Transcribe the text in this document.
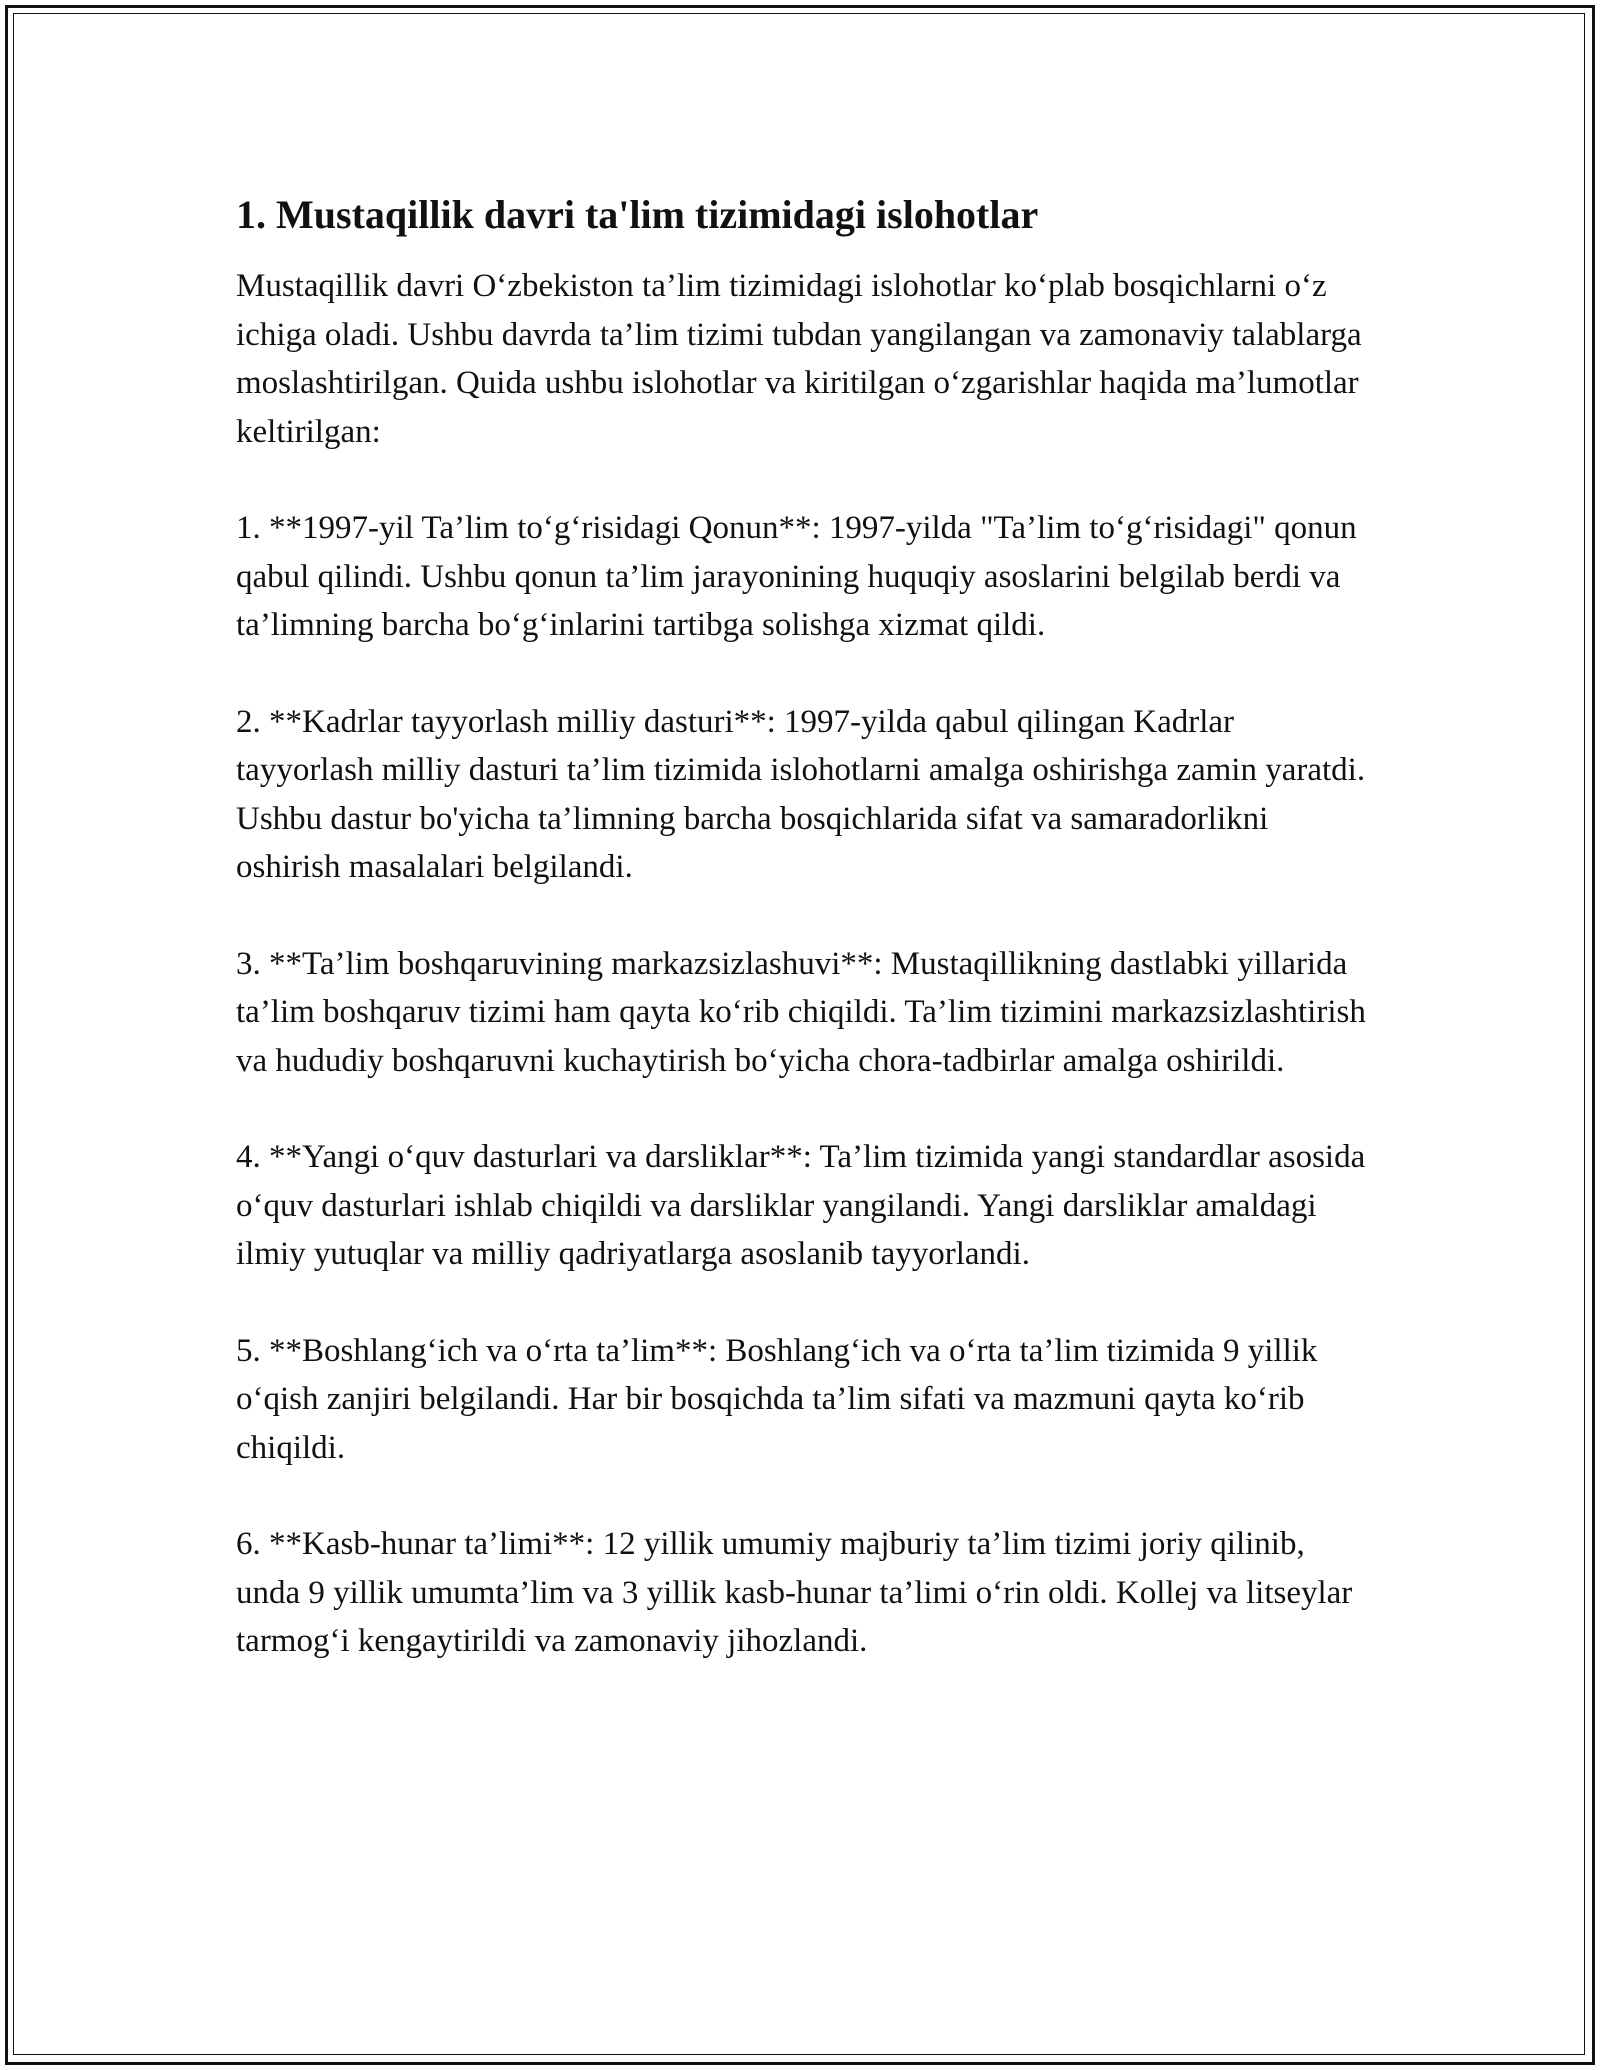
1. Mustaqillik davri ta'lim tizimidagi islohotlar

Mustaqillik davri O‘zbekiston ta’lim tizimidagi islohotlar ko‘plab bosqichlarni o‘z ichiga oladi. Ushbu davrda ta’lim tizimi tubdan yangilangan va zamonaviy talablarga moslashtirilgan. Quida ushbu islohotlar va kiritilgan o‘zgarishlar haqida ma’lumotlar keltirilgan:

1. **1997-yil Ta’lim to‘g‘risidagi Qonun**: 1997-yilda "Ta’lim to‘g‘risidagi" qonun qabul qilindi. Ushbu qonun ta’lim jarayonining huquqiy asoslarini belgilab berdi va ta’limning barcha bo‘g‘inlarini tartibga solishga xizmat qildi.

2. **Kadrlar tayyorlash milliy dasturi**: 1997-yilda qabul qilingan Kadrlar tayyorlash milliy dasturi ta’lim tizimida islohotlarni amalga oshirishga zamin yaratdi. Ushbu dastur bo'yicha ta’limning barcha bosqichlarida sifat va samaradorlikni oshirish masalalari belgilandi.

3. **Ta’lim boshqaruvining markazsizlashuvi**: Mustaqillikning dastlabki yillarida ta’lim boshqaruv tizimi ham qayta ko‘rib chiqildi. Ta’lim tizimini markazsizlashtirish va hududiy boshqaruvni kuchaytirish bo‘yicha chora-tadbirlar amalga oshirildi.

4. **Yangi o‘quv dasturlari va darsliklar**: Ta’lim tizimida yangi standardlar asosida o‘quv dasturlari ishlab chiqildi va darsliklar yangilandi. Yangi darsliklar amaldagi ilmiy yutuqlar va milliy qadriyatlarga asoslanib tayyorlandi.

5. **Boshlang‘ich va o‘rta ta’lim**: Boshlang‘ich va o‘rta ta’lim tizimida 9 yillik o‘qish zanjiri belgilandi. Har bir bosqichda ta’lim sifati va mazmuni qayta ko‘rib chiqildi.

6. **Kasb-hunar ta’limi**: 12 yillik umumiy majburiy ta’lim tizimi joriy qilinib, unda 9 yillik umumta’lim va 3 yillik kasb-hunar ta’limi o‘rin oldi. Kollej va litseylar tarmog‘i kengaytirildi va zamonaviy jihozlandi.
